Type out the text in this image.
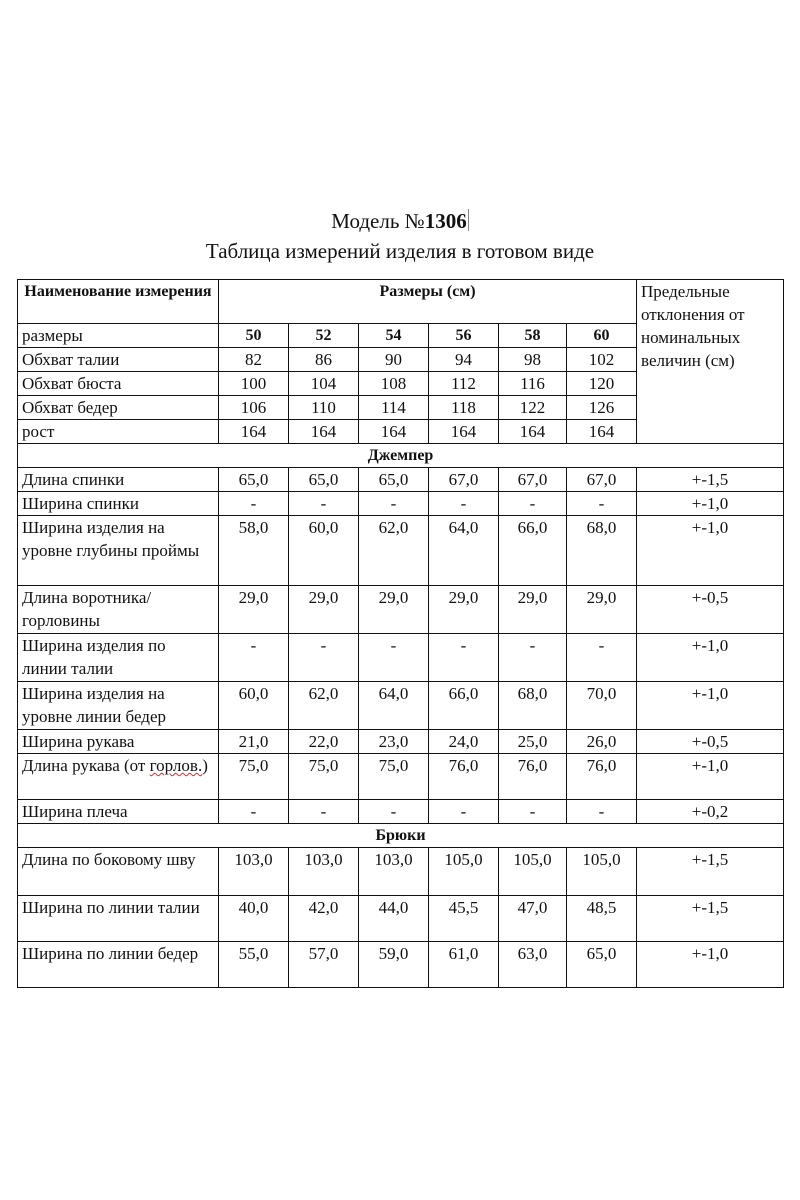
Модель №1306
Таблица измерений изделия в готовом виде
Наименование измерения	Размеры (см)						Предельные отклонения от номинальных величин (см)
размеры	50	52	54	56	58	60	
Обхват талии	82	86	90	94	98	102	
Обхват бюста	100	104	108	112	116	120	
Обхват бедер	106	110	114	118	122	126	
рост	164	164	164	164	164	164	
Джемпер							
Длина спинки	65,0	65,0	65,0	67,0	67,0	67,0	+-1,5
Ширина спинки	-	-	-	-	-	-	+-1,0
Ширина изделия на уровне глубины проймы	58,0	60,0	62,0	64,0	66,0	68,0	+-1,0
Длина воротника/горловины	29,0	29,0	29,0	29,0	29,0	29,0	+-0,5
Ширина изделия по линии талии	-	-	-	-	-	-	+-1,0
Ширина изделия на уровне линии бедер	60,0	62,0	64,0	66,0	68,0	70,0	+-1,0
Ширина рукава	21,0	22,0	23,0	24,0	25,0	26,0	+-0,5
Длина рукава (от горлов.)	75,0	75,0	75,0	76,0	76,0	76,0	+-1,0
Ширина плеча	-	-	-	-	-	-	+-0,2
Брюки							
Длина по боковому шву	103,0	103,0	103,0	105,0	105,0	105,0	+-1,5
Ширина по линии талии	40,0	42,0	44,0	45,5	47,0	48,5	+-1,5
Ширина по линии бедер	55,0	57,0	59,0	61,0	63,0	65,0	+-1,0
